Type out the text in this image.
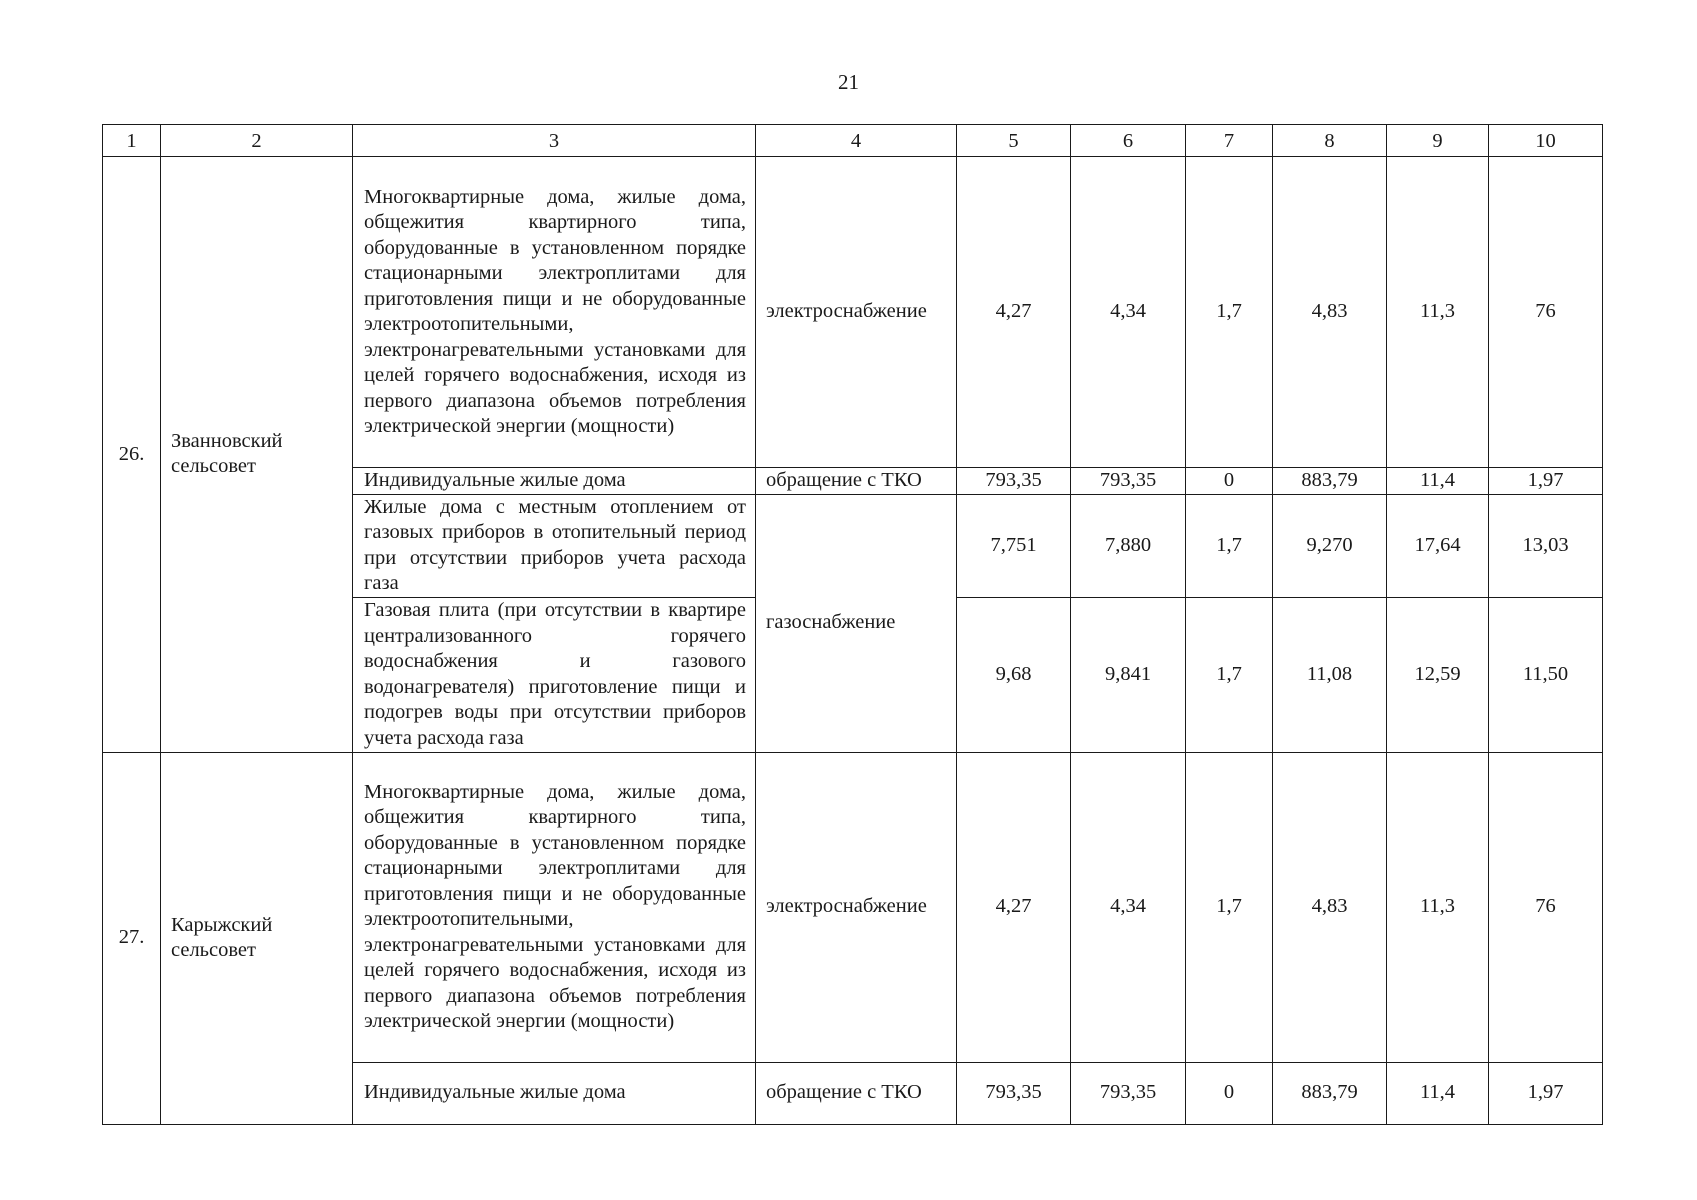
21
1	2	3	4	5	6	7	8	9	10
26.	Званновский сельсовет	Многоквартирные дома, жилые дома, общежития квартирного типа, оборудованные в установленном порядке стационарными электроплитами для приготовления пищи и не оборудованные электроотопительными, электронагревательными установками для целей горячего водоснабжения, исходя из первого диапазона объемов потребления электрической энергии (мощности)	электроснабжение	4,27	4,34	1,7	4,83	11,3	76
		Индивидуальные жилые дома	обращение с ТКО	793,35	793,35	0	883,79	11,4	1,97
		Жилые дома с местным отоплением от газовых приборов в отопительный период при отсутствии приборов учета расхода газа	газоснабжение	7,751	7,880	1,7	9,270	17,64	13,03
		Газовая плита (при отсутствии в квартире централизованного горячего водоснабжения и газового водонагревателя) приготовление пищи и подогрев воды при отсутствии приборов учета расхода газа		9,68	9,841	1,7	11,08	12,59	11,50
27.	Карыжский сельсовет	Многоквартирные дома, жилые дома, общежития квартирного типа, оборудованные в установленном порядке стационарными электроплитами для приготовления пищи и не оборудованные электроотопительными, электронагревательными установками для целей горячего водоснабжения, исходя из первого диапазона объемов потребления электрической энергии (мощности)	электроснабжение	4,27	4,34	1,7	4,83	11,3	76
		Индивидуальные жилые дома	обращение с ТКО	793,35	793,35	0	883,79	11,4	1,97
